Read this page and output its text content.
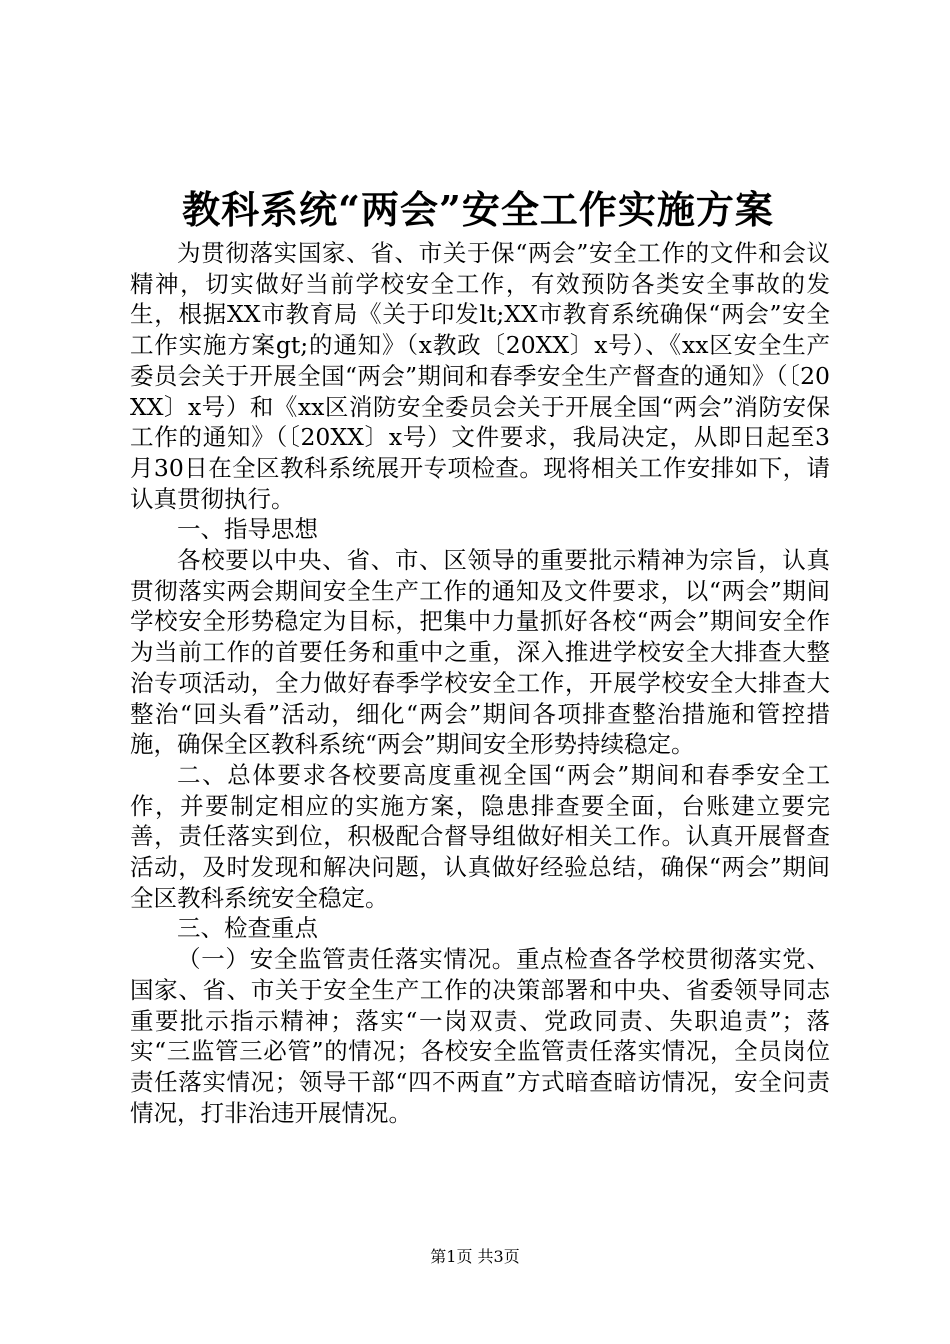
教科系统“两会”安全工作实施方案

为贯彻落实国家、省、市关于保“两会”安全工作的文件和会议精神，切实做好当前学校安全工作，有效预防各类安全事故的发生，根据XX市教育局《关于印发lt;XX市教育系统确保“两会”安全工作实施方案gt;的通知》（x教政〔20XX〕x号）、《xx区安全生产委员会关于开展全国“两会”期间和春季安全生产督查的通知》（〔20XX〕x号）和《xx区消防安全委员会关于开展全国“两会”消防安保工作的通知》（〔20XX〕x号）文件要求，我局决定，从即日起至3月30日在全区教科系统展开专项检查。现将相关工作安排如下，请认真贯彻执行。

一、指导思想

各校要以中央、省、市、区领导的重要批示精神为宗旨，认真贯彻落实两会期间安全生产工作的通知及文件要求，以“两会”期间学校安全形势稳定为目标，把集中力量抓好各校“两会”期间安全作为当前工作的首要任务和重中之重，深入推进学校安全大排查大整治专项活动，全力做好春季学校安全工作，开展学校安全大排查大整治“回头看”活动，细化“两会”期间各项排查整治措施和管控措施，确保全区教科系统“两会”期间安全形势持续稳定。

二、总体要求各校要高度重视全国“两会”期间和春季安全工作，并要制定相应的实施方案，隐患排查要全面，台账建立要完善，责任落实到位，积极配合督导组做好相关工作。认真开展督查活动，及时发现和解决问题，认真做好经验总结，确保“两会”期间全区教科系统安全稳定。

三、检查重点

（一）安全监管责任落实情况。重点检查各学校贯彻落实党、国家、省、市关于安全生产工作的决策部署和中央、省委领导同志重要批示指示精神；落实“一岗双责、党政同责、失职追责”；落实“三监管三必管”的情况；各校安全监管责任落实情况，全员岗位责任落实情况；领导干部“四不两直”方式暗查暗访情况，安全问责情况，打非治违开展情况。

第1页 共3页
